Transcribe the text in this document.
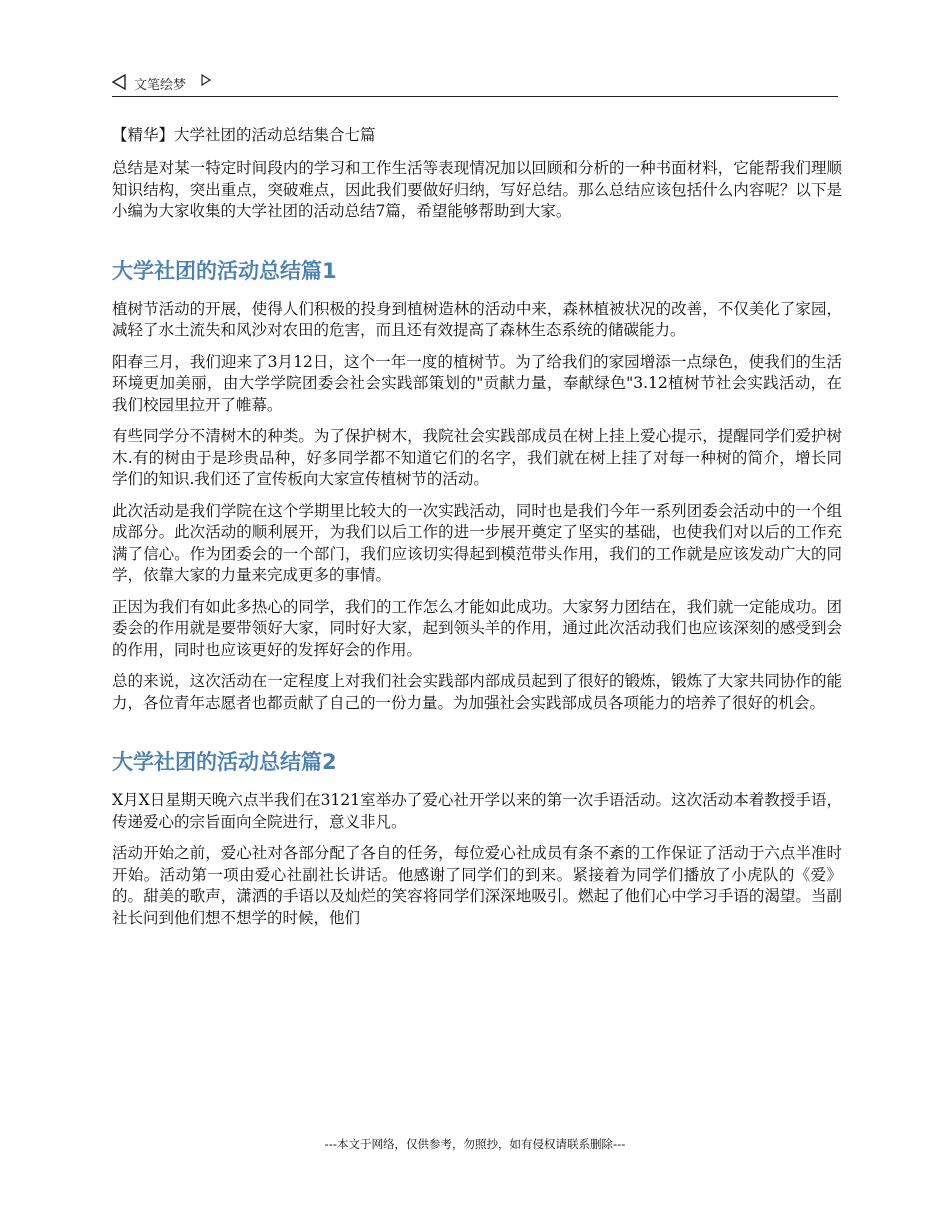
文笔绘梦
【精华】大学社团的活动总结集合七篇

总结是对某一特定时间段内的学习和工作生活等表现情况加以回顾和分析的一种书面材料，它能帮我们理顺知识结构，突出重点，突破难点，因此我们要做好归纳，写好总结。那么总结应该包括什么内容呢？以下是小编为大家收集的大学社团的活动总结7篇，希望能够帮助到大家。

大学社团的活动总结篇1

植树节活动的开展，使得人们积极的投身到植树造林的活动中来，森林植被状况的改善，不仅美化了家园，减轻了水土流失和风沙对农田的危害，而且还有效提高了森林生态系统的储碳能力。

阳春三月，我们迎来了3月12日，这个一年一度的植树节。为了给我们的家园增添一点绿色，使我们的生活环境更加美丽，由大学学院团委会社会实践部策划的"贡献力量，奉献绿色"3.12植树节社会实践活动，在我们校园里拉开了帷幕。

有些同学分不清树木的种类。为了保护树木，我院社会实践部成员在树上挂上爱心提示，提醒同学们爱护树木.有的树由于是珍贵品种，好多同学都不知道它们的名字，我们就在树上挂了对每一种树的简介，增长同学们的知识.我们还了宣传板向大家宣传植树节的活动。

此次活动是我们学院在这个学期里比较大的一次实践活动，同时也是我们今年一系列团委会活动中的一个组成部分。此次活动的顺利展开，为我们以后工作的进一步展开奠定了坚实的基础，也使我们对以后的工作充满了信心。作为团委会的一个部门，我们应该切实得起到模范带头作用，我们的工作就是应该发动广大的同学，依靠大家的力量来完成更多的事情。

正因为我们有如此多热心的同学，我们的工作怎么才能如此成功。大家努力团结在，我们就一定能成功。团委会的作用就是要带领好大家，同时好大家，起到领头羊的作用，通过此次活动我们也应该深刻的感受到会的作用，同时也应该更好的发挥好会的作用。

总的来说，这次活动在一定程度上对我们社会实践部内部成员起到了很好的锻炼，锻炼了大家共同协作的能力，各位青年志愿者也都贡献了自己的一份力量。为加强社会实践部成员各项能力的培养了很好的机会。

大学社团的活动总结篇2

X月X日星期天晚六点半我们在3121室举办了爱心社开学以来的第一次手语活动。这次活动本着教授手语，传递爱心的宗旨面向全院进行，意义非凡。

活动开始之前，爱心社对各部分配了各自的任务，每位爱心社成员有条不紊的工作保证了活动于六点半准时开始。活动第一项由爱心社副社长讲话。他感谢了同学们的到来。紧接着为同学们播放了小虎队的《爱》的。甜美的歌声，潇洒的手语以及灿烂的笑容将同学们深深地吸引。燃起了他们心中学习手语的渴望。当副社长问到他们想不想学的时候，他们

---本文于网络，仅供参考，勿照抄，如有侵权请联系删除---
